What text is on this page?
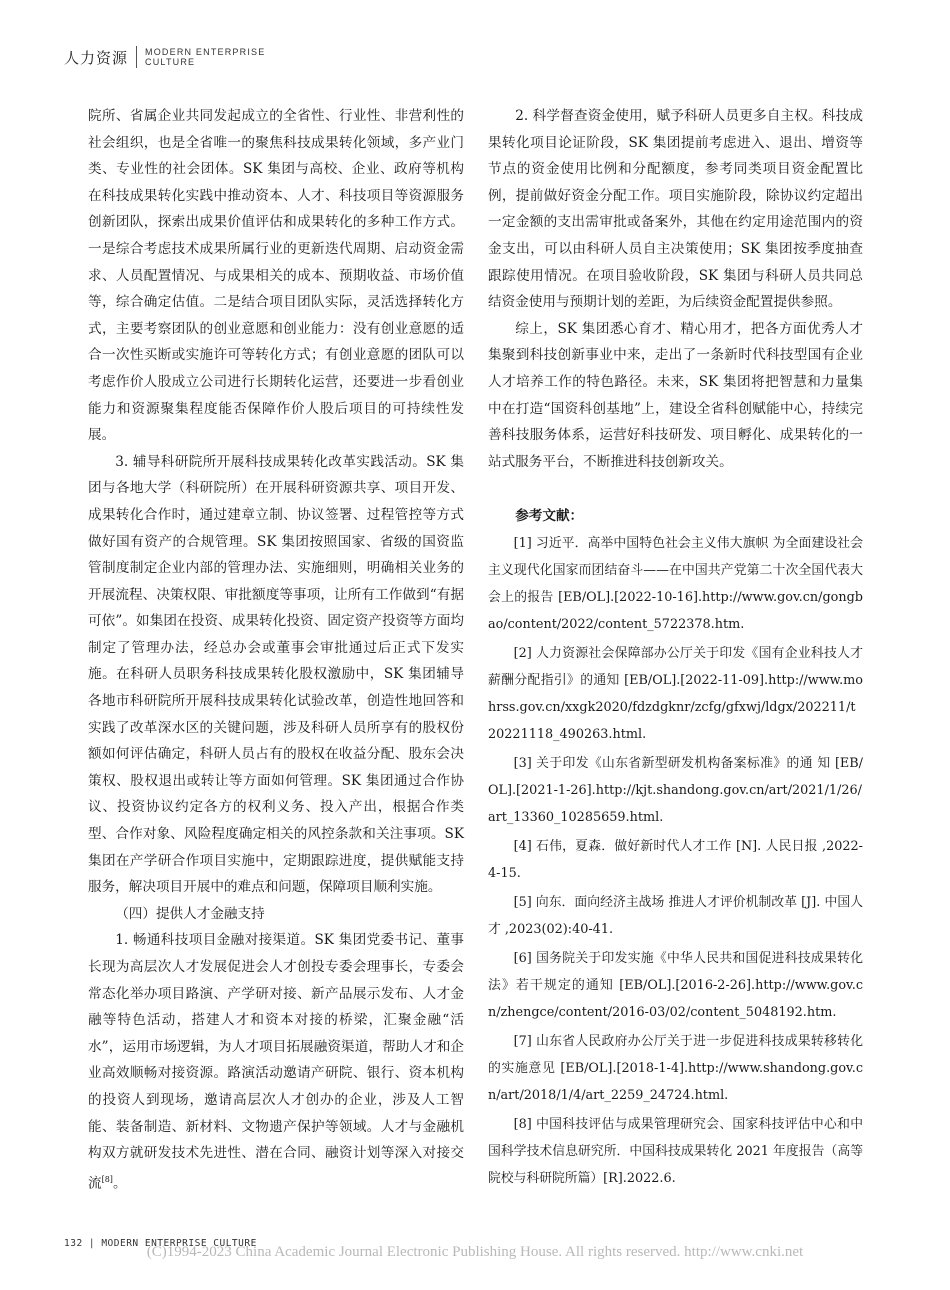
人力资源 MODERN ENTERPRISE
CULTURE

院所、省属企业共同发起成立的全省性、行业性、非营利性的社会组织，也是全省唯一的聚焦科技成果转化领域，多产业门类、专业性的社会团体。SK 集团与高校、企业、政府等机构在科技成果转化实践中推动资本、人才、科技项目等资源服务创新团队，探索出成果价值评估和成果转化的多种工作方式。一是综合考虑技术成果所属行业的更新迭代周期、启动资金需求、人员配置情况、与成果相关的成本、预期收益、市场价值等，综合确定估值。二是结合项目团队实际，灵活选择转化方式，主要考察团队的创业意愿和创业能力：没有创业意愿的适合一次性买断或实施许可等转化方式；有创业意愿的团队可以考虑作价人股成立公司进行长期转化运营，还要进一步看创业能力和资源聚集程度能否保障作价人股后项目的可持续性发展。

3. 辅导科研院所开展科技成果转化改革实践活动。SK 集团与各地大学（科研院所）在开展科研资源共享、项目开发、成果转化合作时，通过建章立制、协议签署、过程管控等方式做好国有资产的合规管理。SK 集团按照国家、省级的国资监管制度制定企业内部的管理办法、实施细则，明确相关业务的开展流程、决策权限、审批额度等事项，让所有工作做到“有据可依”。如集团在投资、成果转化投资、固定资产投资等方面均制定了管理办法，经总办会或董事会审批通过后正式下发实施。在科研人员职务科技成果转化股权激励中，SK 集团辅导各地市科研院所开展科技成果转化试验改革，创造性地回答和实践了改革深水区的关键问题，涉及科研人员所享有的股权份额如何评估确定，科研人员占有的股权在收益分配、股东会决策权、股权退出或转让等方面如何管理。SK 集团通过合作协议、投资协议约定各方的权利义务、投入产出，根据合作类型、合作对象、风险程度确定相关的风控条款和关注事项。SK 集团在产学研合作项目实施中，定期跟踪进度，提供赋能支持服务，解决项目开展中的难点和问题，保障项目顺利实施。

（四）提供人才金融支持

1. 畅通科技项目金融对接渠道。SK 集团党委书记、董事长现为高层次人才发展促进会人才创投专委会理事长，专委会常态化举办项目路演、产学研对接、新产品展示发布、人才金融等特色活动，搭建人才和资本对接的桥梁，汇聚金融“活水”，运用市场逻辑，为人才项目拓展融资渠道，帮助人才和企业高效顺畅对接资源。路演活动邀请产研院、银行、资本机构的投资人到现场，邀请高层次人才创办的企业，涉及人工智能、装备制造、新材料、文物遗产保护等领域。人才与金融机构双方就研发技术先进性、潜在合同、融资计划等深入对接交流[8]。

2. 科学督查资金使用，赋予科研人员更多自主权。科技成果转化项目论证阶段，SK 集团提前考虑进入、退出、增资等节点的资金使用比例和分配额度，参考同类项目资金配置比例，提前做好资金分配工作。项目实施阶段，除协议约定超出一定金额的支出需审批或备案外，其他在约定用途范围内的资金支出，可以由科研人员自主决策使用；SK 集团按季度抽查跟踪使用情况。在项目验收阶段，SK 集团与科研人员共同总结资金使用与预期计划的差距，为后续资金配置提供参照。

综上，SK 集团悉心育才、精心用才，把各方面优秀人才集聚到科技创新事业中来，走出了一条新时代科技型国有企业人才培养工作的特色路径。未来，SK 集团将把智慧和力量集中在打造“国资科创基地”上，建设全省科创赋能中心，持续完善科技服务体系，运营好科技研发、项目孵化、成果转化的一站式服务平台，不断推进科技创新攻关。

参考文献：

[1] 习近平．高举中国特色社会主义伟大旗帜 为全面建设社会主义现代化国家而团结奋斗——在中国共产党第二十次全国代表大会上的报告 [EB/OL].[2022-10-16].http://www.gov.cn/gongbao/content/2022/content_5722378.htm.

[2] 人力资源社会保障部办公厅关于印发《国有企业科技人才薪酬分配指引》的通知 [EB/OL].[2022-11-09].http://www.mohrss.gov.cn/xxgk2020/fdzdgknr/zcfg/gfxwj/ldgx/202211/t20221118_490263.html.

[3] 关于印发《山东省新型研发机构备案标准》的通 知 [EB/OL].[2021-1-26].http://kjt.shandong.gov.cn/art/2021/1/26/art_13360_10285659.html.

[4] 石伟，夏森．做好新时代人才工作 [N]. 人民日报 ,2022-4-15.

[5] 向东．面向经济主战场 推进人才评价机制改革 [J]. 中国人才 ,2023(02):40-41.

[6] 国务院关于印发实施《中华人民共和国促进科技成果转化法》若干规定的通知 [EB/OL].[2016-2-26].http://www.gov.cn/zhengce/content/2016-03/02/content_5048192.htm.

[7] 山东省人民政府办公厅关于进一步促进科技成果转移转化的实施意见 [EB/OL].[2018-1-4].http://www.shandong.gov.cn/art/2018/1/4/art_2259_24724.html.

[8] 中国科技评估与成果管理研究会、国家科技评估中心和中国科学技术信息研究所．中国科技成果转化 2021 年度报告（高等院校与科研院所篇）[R].2022.6.

132 | MODERN ENTERPRISE CULTURE
(C)1994-2023 China Academic Journal Electronic Publishing House. All rights reserved. http://www.cnki.net
